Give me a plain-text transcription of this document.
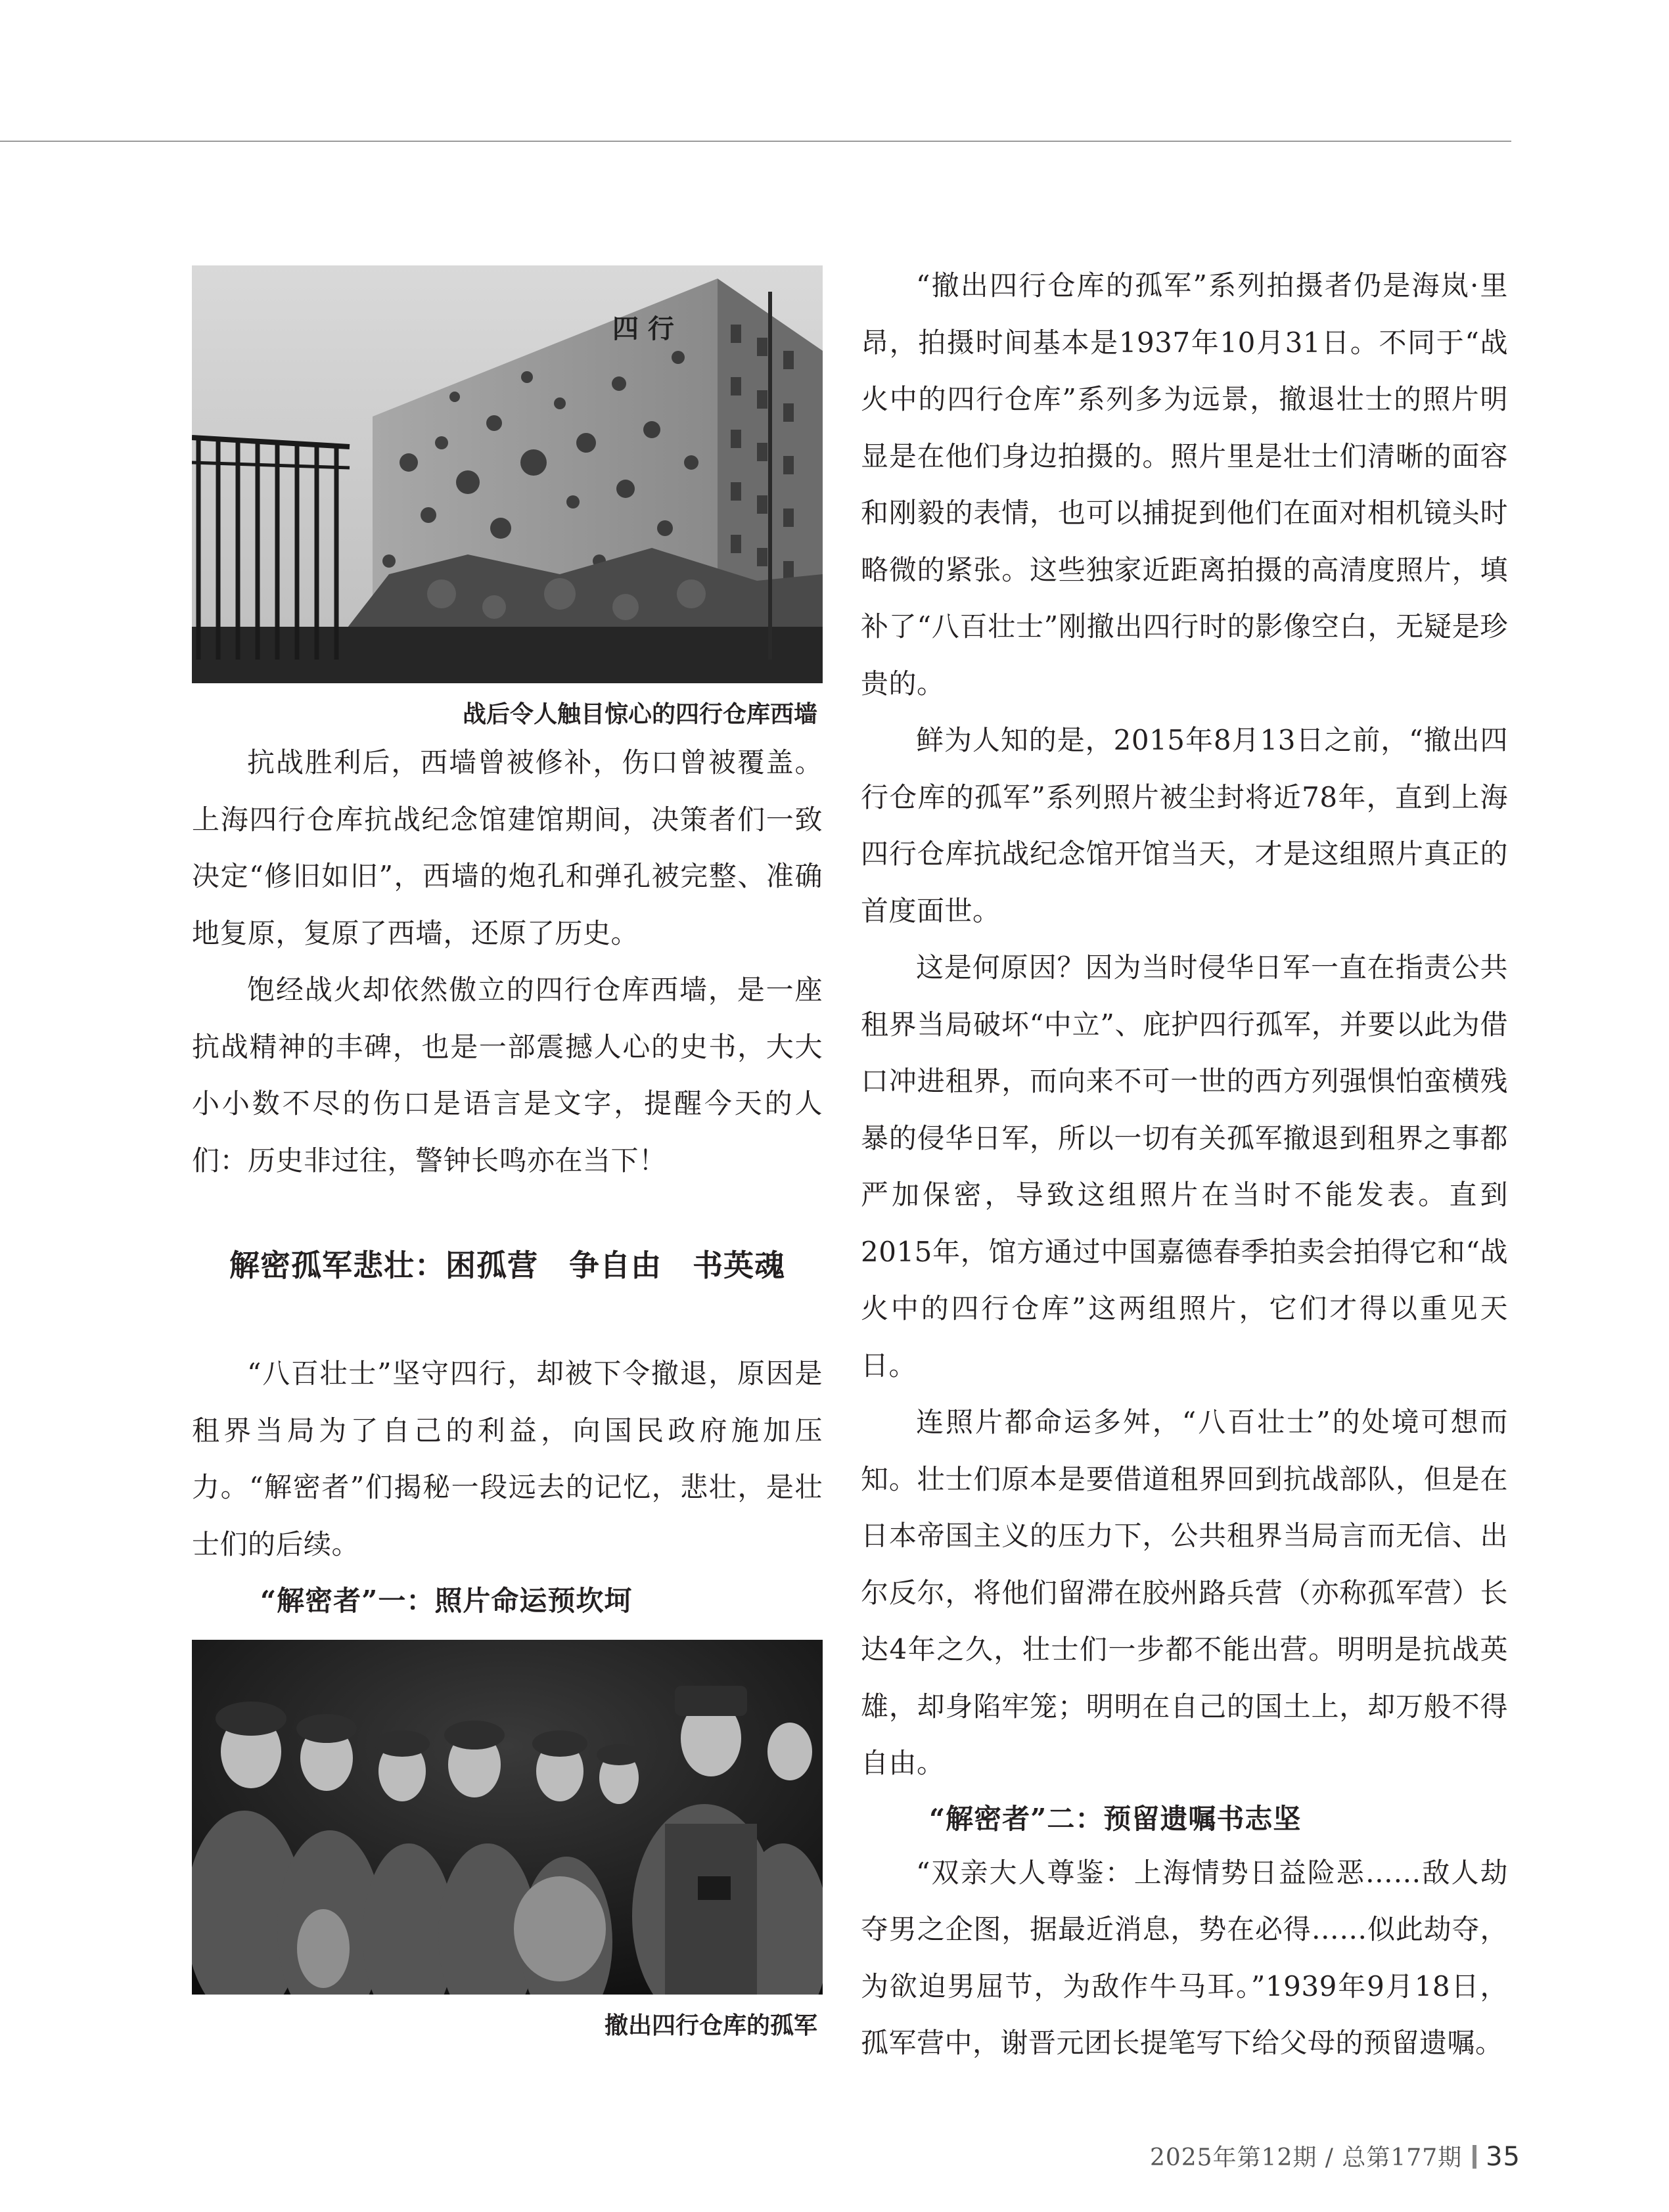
四 行
战后令人触目惊心的四行仓库西墙

抗战胜利后，西墙曾被修补，伤口曾被覆盖。上海四行仓库抗战纪念馆建馆期间，决策者们一致决定“修旧如旧”，西墙的炮孔和弹孔被完整、准确地复原，复原了西墙，还原了历史。

饱经战火却依然傲立的四行仓库西墙，是一座抗战精神的丰碑，也是一部震撼人心的史书，大大小小数不尽的伤口是语言是文字，提醒今天的人们：历史非过往，警钟长鸣亦在当下！

解密孤军悲壮：困孤营　争自由　书英魂

“八百壮士”坚守四行，却被下令撤退，原因是租界当局为了自己的利益，向国民政府施加压力。“解密者”们揭秘一段远去的记忆，悲壮，是壮士们的后续。

“解密者”一：照片命运预坎坷
撤出四行仓库的孤军

“撤出四行仓库的孤军”系列拍摄者仍是海岚·里昂，拍摄时间基本是1937年10月31日。不同于“战火中的四行仓库”系列多为远景，撤退壮士的照片明显是在他们身边拍摄的。照片里是壮士们清晰的面容和刚毅的表情，也可以捕捉到他们在面对相机镜头时略微的紧张。这些独家近距离拍摄的高清度照片，填补了“八百壮士”刚撤出四行时的影像空白，无疑是珍贵的。

鲜为人知的是，2015年8月13日之前，“撤出四行仓库的孤军”系列照片被尘封将近78年，直到上海四行仓库抗战纪念馆开馆当天，才是这组照片真正的首度面世。

这是何原因？因为当时侵华日军一直在指责公共租界当局破坏“中立”、庇护四行孤军，并要以此为借口冲进租界，而向来不可一世的西方列强惧怕蛮横残暴的侵华日军，所以一切有关孤军撤退到租界之事都严加保密，导致这组照片在当时不能发表。直到2015年，馆方通过中国嘉德春季拍卖会拍得它和“战火中的四行仓库”这两组照片，它们才得以重见天日。

连照片都命运多舛，“八百壮士”的处境可想而知。壮士们原本是要借道租界回到抗战部队，但是在日本帝国主义的压力下，公共租界当局言而无信、出尔反尔，将他们留滞在胶州路兵营（亦称孤军营）长达4年之久，壮士们一步都不能出营。明明是抗战英雄，却身陷牢笼；明明在自己的国土上，却万般不得自由。

“解密者”二：预留遗嘱书志坚

“双亲大人尊鉴：上海情势日益险恶……敌人劫夺男之企图，据最近消息，势在必得……似此劫夺，为欲迫男屈节，为敌作牛马耳。”1939年9月18日，孤军营中，谢晋元团长提笔写下给父母的预留遗嘱。

2025年第12期 / 总第177期 35
